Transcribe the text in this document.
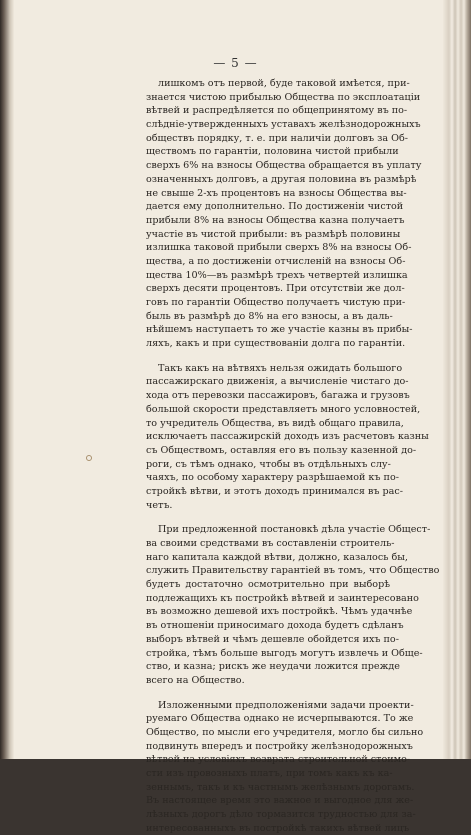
— 5 —
лишкомъ отъ первой, буде таковой имѣется, при-
знается чистою прибылью Общества по эксплоатацiи
вѣтвей и распредѣляется по общепринятому въ по-
слѣдніе-утвержденныхъ уставахъ желѣзнодорожныхъ
обществъ порядку, т. е. при наличіи долговъ за Об-
ществомъ по гарантіи, половина чистой прибыли
сверхъ 6% на взносы Общества обращается въ уплату
означенныхъ долговъ, а другая половина въ размѣрѣ
не свыше 2-хъ процентовъ на взносы Общества вы-
дается ему дополнительно. По достиженіи чистой
прибыли 8% на взносы Общества казна получаетъ
участіе въ чистой прибыли: въ размѣрѣ половины
излишка таковой прибыли сверхъ 8% на взносы Об-
щества, а по достиженіи отчисленій на взносы Об-
щества 10%—въ размѣрѣ трехъ четвертей излишка
сверхъ десяти процентовъ. При отсутствіи же дол-
говъ по гарантіи Общество получаетъ чистую при-
быль въ размѣрѣ до 8% на его взносы, а въ даль-
нѣйшемъ наступаетъ то же участіе казны въ прибы-
ляхъ, какъ и при существованіи долга по гарантіи.
Такъ какъ на вѣтвяхъ нельзя ожидать большого
пассажирскаго движенія, а вычисленіе чистаго до-
хода отъ перевозки пассажировъ, багажа и грузовъ
большой скорости представляетъ много условностей,
то учредитель Общества, въ видѣ общаго правила,
исключаетъ пассажирскій доходъ изъ расчетовъ казны
съ Обществомъ, оставляя его въ пользу казенной до-
роги, съ тѣмъ однако, чтобы въ отдѣльныхъ слу-
чаяхъ, по особому характеру разрѣшаемой къ по-
стройкѣ вѣтви, и этотъ доходъ принимался въ рас-
четъ.
При предложенной постановкѣ дѣла участіе Общест-
ва своими средствами въ составленіи строитель-
наго капитала каждой вѣтви, должно, казалось бы,
служить Правительству гарантіей въ томъ, что Общество
будетъ достаточно осмотрительно при выборѣ
подлежащихъ къ постройкѣ вѣтвей и заинтересовано
въ возможно дешевой ихъ постройкѣ. Чѣмъ удачнѣе
въ отношеніи приносимаго дохода будетъ сдѣланъ
выборъ вѣтвей и чѣмъ дешевле обойдется ихъ по-
стройка, тѣмъ больше выгодъ могутъ извлечь и Обще-
ство, и казна; рискъ же неудачи ложится прежде
всего на Общество.
Изложенными предположеніями задачи проекти-
руемаго Общества однако не исчерпываются. То же
Общество, по мысли его учредителя, могло бы сильно
подвинуть впередъ и постройку желѣзнодорожныхъ
вѣтвей на условіяхъ возврата строительной стоимо-
сти изъ провозныхъ платъ, при томъ какъ къ ка-
зеннымъ, такъ и къ частнымъ желѣзнымъ дорогамъ.
Въ настоящее время это важное и выгодное для же-
лѣзныхъ дорогъ дѣло тормазится трудностью для за-
интересованныхъ въ постройкѣ такихъ вѣтвей лицъ
